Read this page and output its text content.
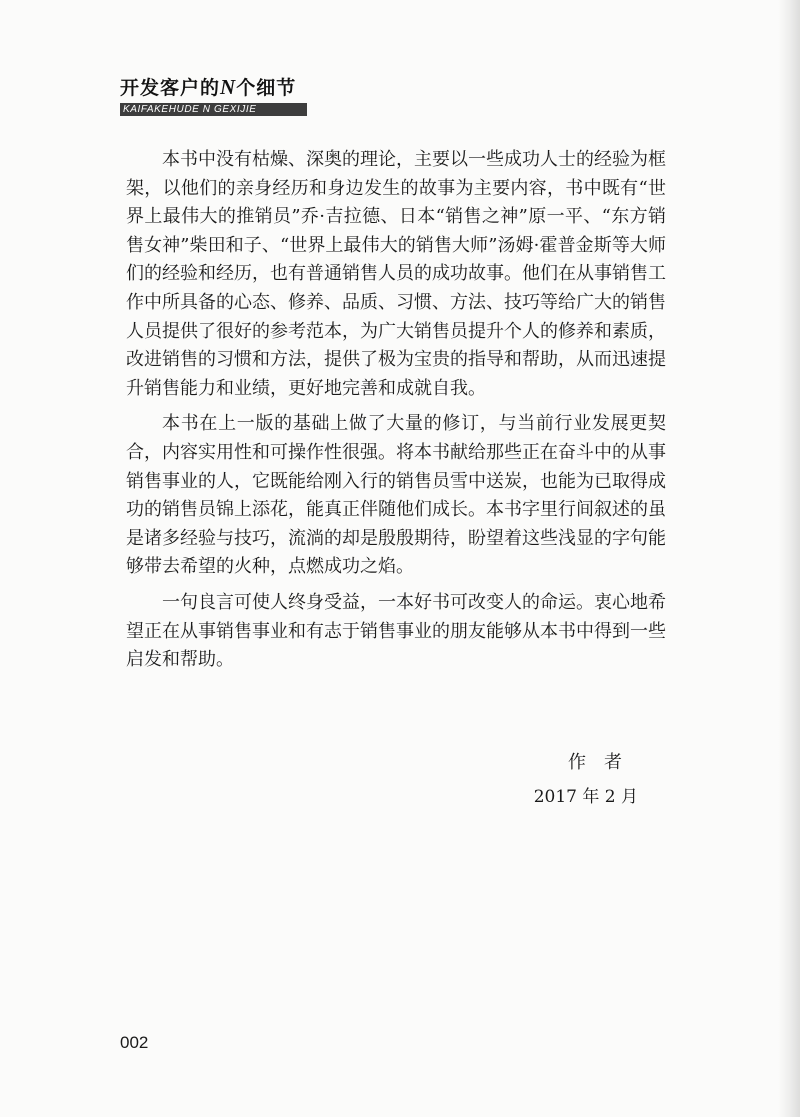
开发客户的N个细节
KAIFAKEHUDE N GEXIJIE

本书中没有枯燥、深奥的理论，主要以一些成功人士的经验为框架，以他们的亲身经历和身边发生的故事为主要内容，书中既有“世界上最伟大的推销员”乔·吉拉德、日本“销售之神”原一平、“东方销售女神”柴田和子、“世界上最伟大的销售大师”汤姆·霍普金斯等大师们的经验和经历，也有普通销售人员的成功故事。他们在从事销售工作中所具备的心态、修养、品质、习惯、方法、技巧等给广大的销售人员提供了很好的参考范本，为广大销售员提升个人的修养和素质，改进销售的习惯和方法，提供了极为宝贵的指导和帮助，从而迅速提升销售能力和业绩，更好地完善和成就自我。

本书在上一版的基础上做了大量的修订，与当前行业发展更契合，内容实用性和可操作性很强。将本书献给那些正在奋斗中的从事销售事业的人，它既能给刚入行的销售员雪中送炭，也能为已取得成功的销售员锦上添花，能真正伴随他们成长。本书字里行间叙述的虽是诸多经验与技巧，流淌的却是殷殷期待，盼望着这些浅显的字句能够带去希望的火种，点燃成功之焰。

一句良言可使人终身受益，一本好书可改变人的命运。衷心地希望正在从事销售事业和有志于销售事业的朋友能够从本书中得到一些启发和帮助。

作　者
2017 年 2 月
002
